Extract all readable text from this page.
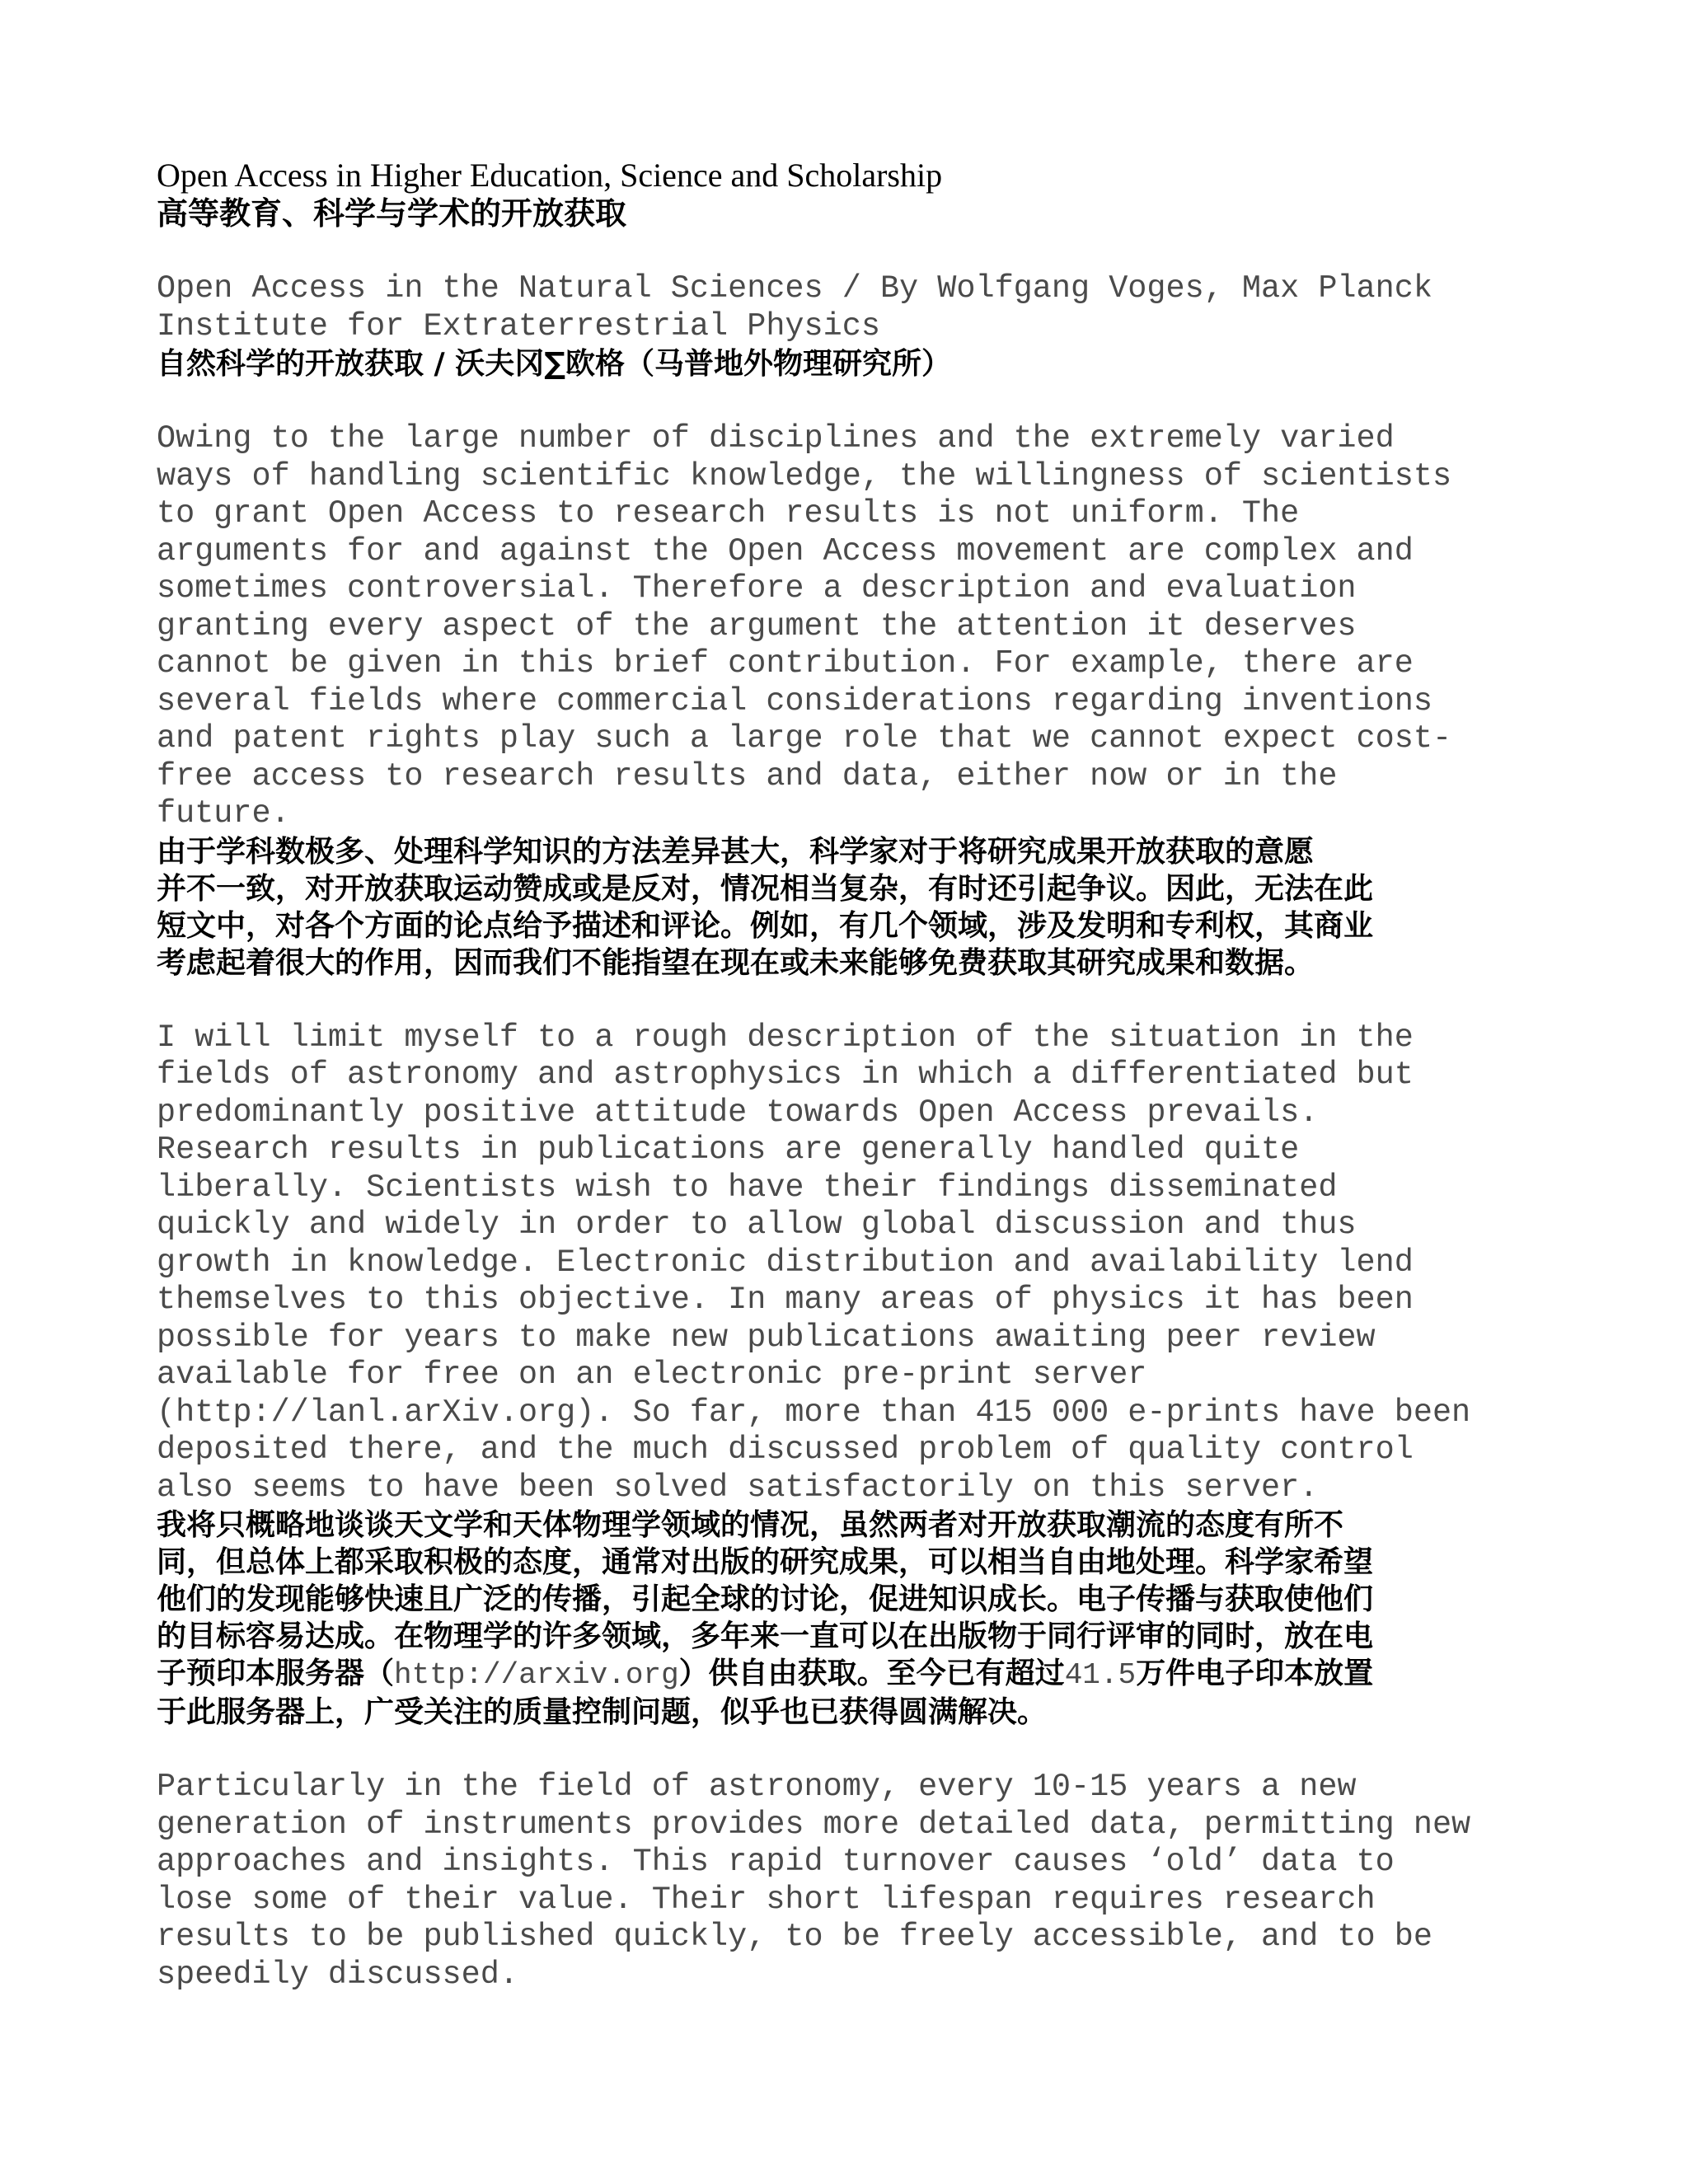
Open Access in Higher Education, Science and Scholarship

高等教育、科学与学术的开放获取

Open Access in the Natural Sciences / By Wolfgang Voges, Max Planck

Institute for Extraterrestrial Physics

自然科学的开放获取 / 沃夫冈∑欧格（马普地外物理研究所）

Owing to the large number of disciplines and the extremely varied

ways of handling scientific knowledge, the willingness of scientists

to grant Open Access to research results is not uniform. The

arguments for and against the Open Access movement are complex and

sometimes controversial. Therefore a description and evaluation

granting every aspect of the argument the attention it deserves

cannot be given in this brief contribution. For example, there are

several fields where commercial considerations regarding inventions

and patent rights play such a large role that we cannot expect cost-

free access to research results and data, either now or in the

future.

由于学科数极多、处理科学知识的方法差异甚大，科学家对于将研究成果开放获取的意愿

并不一致，对开放获取运动赞成或是反对，情况相当复杂，有时还引起争议。因此，无法在此

短文中，对各个方面的论点给予描述和评论。例如，有几个领域，涉及发明和专利权，其商业

考虑起着很大的作用，因而我们不能指望在现在或未来能够免费获取其研究成果和数据。

I will limit myself to a rough description of the situation in the

fields of astronomy and astrophysics in which a differentiated but

predominantly positive attitude towards Open Access prevails.

Research results in publications are generally handled quite

liberally. Scientists wish to have their findings disseminated

quickly and widely in order to allow global discussion and thus

growth in knowledge. Electronic distribution and availability lend

themselves to this objective. In many areas of physics it has been

possible for years to make new publications awaiting peer review

available for free on an electronic pre-print server

(http://lanl.arXiv.org). So far, more than 415 000 e-prints have been

deposited there, and the much discussed problem of quality control

also seems to have been solved satisfactorily on this server.

我将只概略地谈谈天文学和天体物理学领域的情况，虽然两者对开放获取潮流的态度有所不

同，但总体上都采取积极的态度，通常对出版的研究成果，可以相当自由地处理。科学家希望

他们的发现能够快速且广泛的传播，引起全球的讨论，促进知识成长。电子传播与获取使他们

的目标容易达成。在物理学的许多领域，多年来一直可以在出版物于同行评审的同时，放在电

子预印本服务器（http://arxiv.org）供自由获取。至今已有超过41.5万件电子印本放置

于此服务器上，广受关注的质量控制问题，似乎也已获得圆满解决。

Particularly in the field of astronomy, every 10-15 years a new

generation of instruments provides more detailed data, permitting new

approaches and insights. This rapid turnover causes ‘old’ data to

lose some of their value. Their short lifespan requires research

results to be published quickly, to be freely accessible, and to be

speedily discussed.
